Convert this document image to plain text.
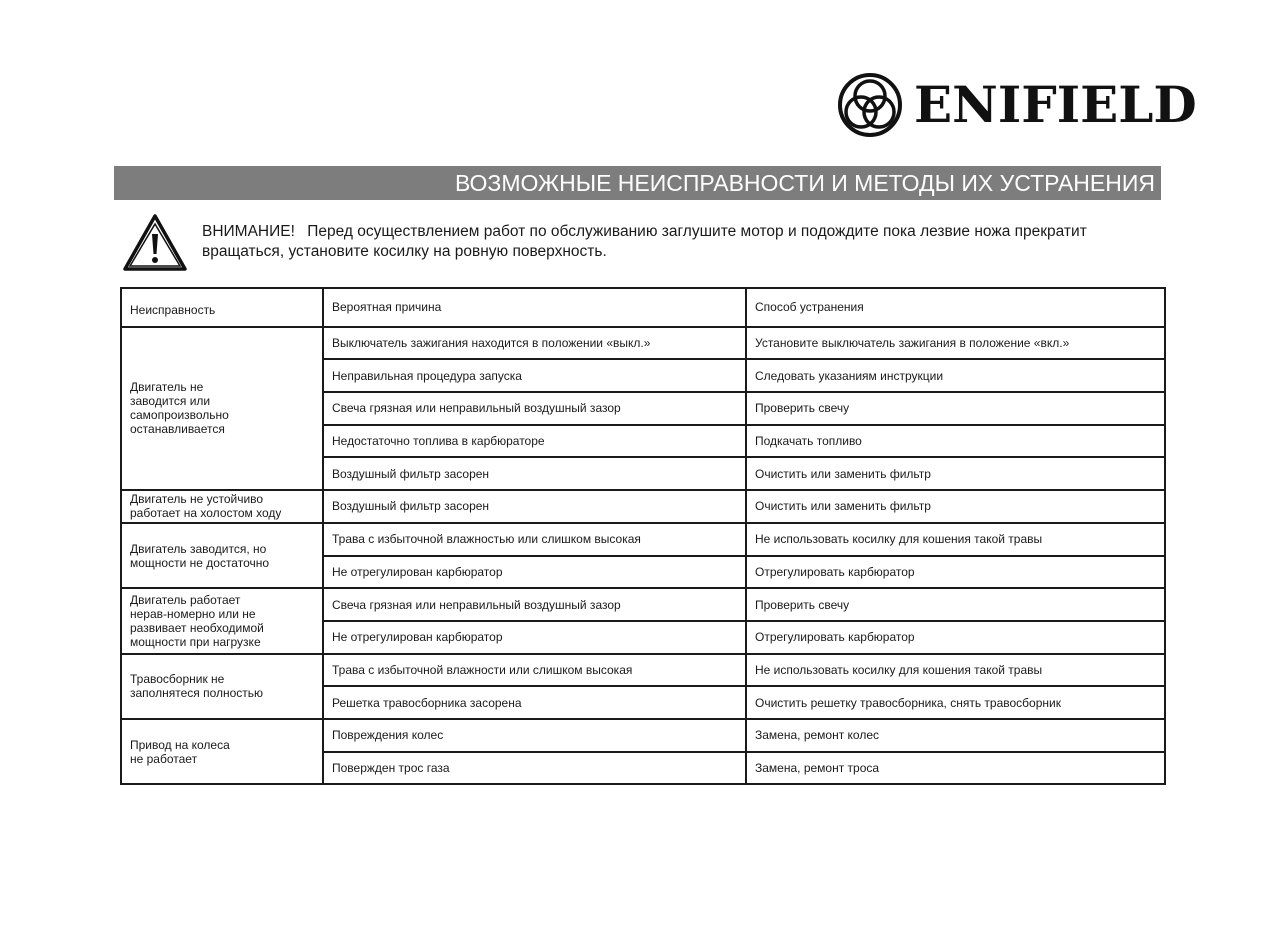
ENIFIELD
ВОЗМОЖНЫЕ НЕИСПРАВНОСТИ И МЕТОДЫ ИХ УСТРАНЕНИЯ
ВНИМАНИЕ! Перед осуществлением работ по обслуживанию заглушите мотор и подождите пока лезвие ножа прекратит вращаться, установите косилку на ровную поверхность.
Неисправность	Вероятная причина	Способ устранения
Двигатель не
заводится или
самопроизвольно
останавливается	Выключатель зажигания находится в положении «выкл.»	Установите выключатель зажигания в положение «вкл.»
	Неправильная процедура запуска	Следовать указаниям инструкции
	Свеча грязная или неправильный воздушный зазор	Проверить свечу
	Недостаточно топлива в карбюраторе	Подкачать топливо
	Воздушный фильтр засорен	Очистить или заменить фильтр
Двигатель не устойчиво
работает на холостом ходу	Воздушный фильтр засорен	Очистить или заменить фильтр
Двигатель заводится, но
мощности не достаточно	Трава с избыточной влажностью или слишком высокая	Не использовать косилку для кошения такой травы
	Не отрегулирован карбюратор	Отрегулировать карбюратор
Двигатель работает
нерав-номерно или не
развивает необходимой
мощности при нагрузке	Свеча грязная или неправильный воздушный зазор	Проверить свечу
	Не отрегулирован карбюратор	Отрегулировать карбюратор
Травосборник не
заполнятеся полностью	Трава с избыточной влажности или слишком высокая	Не использовать косилку для кошения такой травы
	Решетка травосборника засорена	Очистить решетку травосборника, снять травосборник
Привод на колеса
не работает	Повреждения колес	Замена, ремонт колес
	Повержден трос газа	Замена, ремонт троса
